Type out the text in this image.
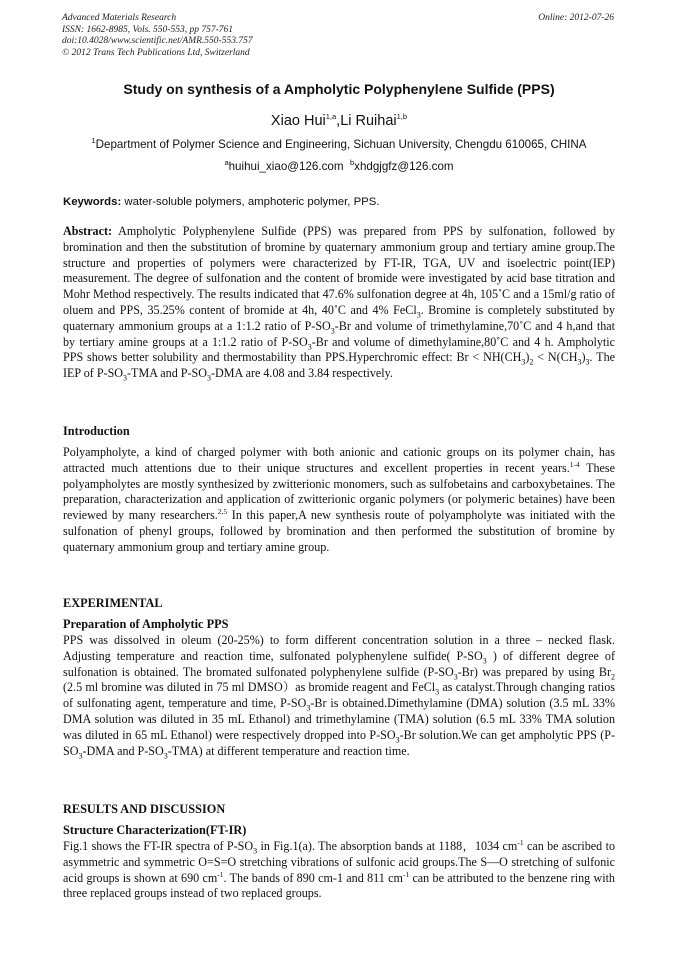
Advanced Materials Research
ISSN: 1662-8985, Vols. 550-553, pp 757-761
doi:10.4028/www.scientific.net/AMR.550-553.757
© 2012 Trans Tech Publications Ltd, Switzerland
Online: 2012-07-26
Study on synthesis of a Ampholytic Polyphenylene Sulfide (PPS)
Xiao Hui$^{1,a}$,Li Ruihai$^{1,b}$
$^1$Department of Polymer Science and Engineering, Sichuan University, Chengdu 610065, CHINA
$^a$huihui_xiao@126.com $^b$xhdgjgfz@126.com
Keywords: water-soluble polymers, amphoteric polymer, PPS.
Abstract: Ampholytic Polyphenylene Sulfide (PPS) was prepared from PPS by sulfonation, followed by bromination and then the substitution of bromine by quaternary ammonium group and tertiary amine group.The structure and properties of polymers were characterized by FT-IR, TGA, UV and isoelectric point(IEP) measurement. The degree of sulfonation and the content of bromide were investigated by acid base titration and Mohr Method respectively. The results indicated that 47.6% sulfonation degree at 4h, 105˚C and a 15ml/g ratio of oluem and PPS, 35.25% content of bromide at 4h, 40˚C and 4% FeCl$_3$. Bromine is completely substituted by quaternary ammonium groups at a 1:1.2 ratio of $P-SO_3-Br$ and volume of trimethylamine,70˚C and 4 h,and that by tertiary amine groups at a 1:1.2 ratio of $P-SO_3-Br$ and volume of dimethylamine,80˚C and 4 h. Ampholytic PPS shows better solubility and thermostability than PPS.Hyperchromic effect: $Br < NH(CH_3)_2 < N(CH_3)_3$. The IEP of $P-SO_3$-TMA and $P-SO_3$-DMA are 4.08 and 3.84 respectively.
Introduction
Polyampholyte, a kind of charged polymer with both anionic and cationic groups on its polymer chain, has attracted much attentions due to their unique structures and excellent properties in recent years.$^{1-4}$ These polyampholytes are mostly synthesized by zwitterionic monomers, such as sulfobetains and carboxybetaines. The preparation, characterization and application of zwitterionic organic polymers (or polymeric betaines) have been reviewed by many researchers.$^{2,5}$ In this paper,A new synthesis route of polyampholyte was initiated with the sulfonation of phenyl groups, followed by bromination and then performed the substitution of bromine by quaternary ammonium group and tertiary amine group.
EXPERIMENTAL
Preparation of Ampholytic PPS
PPS was dissolved in oleum (20-25%) to form different concentration solution in a three – necked flask. Adjusting temperature and reaction time, sulfonated polyphenylene sulfide( $P-SO_3$ ) of different degree of sulfonation is obtained. The bromated sulfonated polyphenylene sulfide $(P-SO_3-Br)$ was prepared by using $Br_2$ (2.5 ml bromine was diluted in 75 ml DMSO）as bromide reagent and FeCl$_3$ as catalyst.Through changing ratios of sulfonating agent, temperature and time, $P-SO_3-Br$ is obtained.Dimethylamine (DMA) solution (3.5 mL 33% DMA solution was diluted in 35 mL Ethanol) and trimethylamine (TMA) solution (6.5 mL 33% TMA solution was diluted in 65 mL Ethanol) were respectively dropped into $P-SO_3-Br$ solution.We can get ampholytic PPS ($P-SO_3$-DMA and $P-SO_3-TMA$) at different temperature and reaction time.
RESULTS AND DISCUSSION
Structure Characterization(FT-IR)
Fig.1 shows the FT-IR spectra of $P-SO_3$ in Fig.1(a). The absorption bands at 1188，1034 $cm^{-1}$ can be ascribed to asymmetric and symmetric O=S=O stretching vibrations of sulfonic acid groups.The S—O stretching of sulfonic acid groups is shown at 690 $cm^{-1}$. The bands of 890 cm-1 and 811 $cm^{-1}$ can be attributed to the benzene ring with three replaced groups instead of two replaced groups.
